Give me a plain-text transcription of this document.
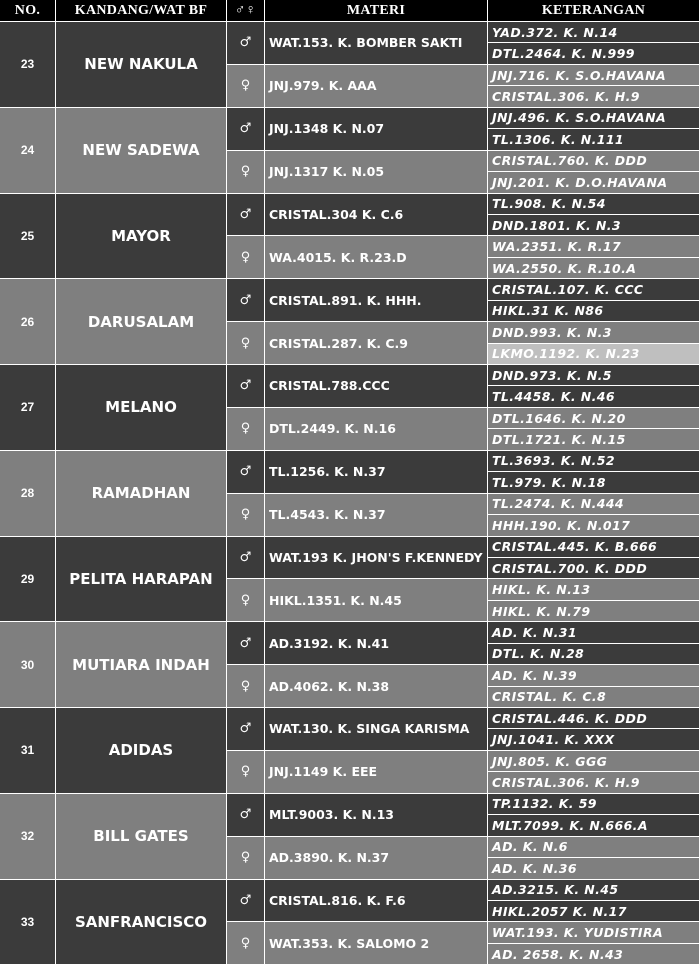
NO.	KANDANG/WAT BF	♂♀	MATERI	KETERANGAN
23	NEW NAKULA
♂	WAT.153. K. BOMBER SAKTI
YAD.372. K. N.14
DTL.2464. K. N.999
♀	JNJ.979. K. AAA
JNJ.716. K. S.O.HAVANA
CRISTAL.306. K. H.9
24	NEW SADEWA
♂	JNJ.1348 K. N.07
JNJ.496. K. S.O.HAVANA
TL.1306. K. N.111
♀	JNJ.1317 K. N.05
CRISTAL.760. K. DDD
JNJ.201. K. D.O.HAVANA
25	MAYOR
♂	CRISTAL.304 K. C.6
TL.908. K. N.54
DND.1801. K. N.3
♀	WA.4015. K. R.23.D
WA.2351. K. R.17
WA.2550. K. R.10.A
26	DARUSALAM
♂	CRISTAL.891. K. HHH.
CRISTAL.107. K. CCC
HIKL.31 K. N86
♀	CRISTAL.287. K. C.9
DND.993. K. N.3
LKMO.1192. K. N.23
27	MELANO
♂	CRISTAL.788.CCC
DND.973. K. N.5
TL.4458. K. N.46
♀	DTL.2449. K. N.16
DTL.1646. K. N.20
DTL.1721. K. N.15
28	RAMADHAN
♂	TL.1256. K. N.37
TL.3693. K. N.52
TL.979. K. N.18
♀	TL.4543. K. N.37
TL.2474. K. N.444
HHH.190. K. N.017
29	PELITA HARAPAN
♂	WAT.193 K. JHON'S F.KENNEDY
CRISTAL.445. K. B.666
CRISTAL.700. K. DDD
♀	HIKL.1351. K. N.45
HIKL. K. N.13
HIKL. K. N.79
30	MUTIARA INDAH
♂	AD.3192. K. N.41
AD. K. N.31
DTL. K. N.28
♀	AD.4062. K. N.38
AD. K. N.39
CRISTAL. K. C.8
31	ADIDAS
♂	WAT.130. K. SINGA KARISMA
CRISTAL.446. K. DDD
JNJ.1041. K. XXX
♀	JNJ.1149 K. EEE
JNJ.805. K. GGG
CRISTAL.306. K. H.9
32	BILL GATES
♂	MLT.9003. K. N.13
TP.1132. K. 59
MLT.7099. K. N.666.A
♀	AD.3890. K. N.37
AD. K. N.6
AD. K. N.36
33	SANFRANCISCO
♂	CRISTAL.816. K. F.6
AD.3215. K. N.45
HIKL.2057 K. N.17
♀	WAT.353. K. SALOMO 2
WAT.193. K. YUDISTIRA
AD. 2658. K. N.43
